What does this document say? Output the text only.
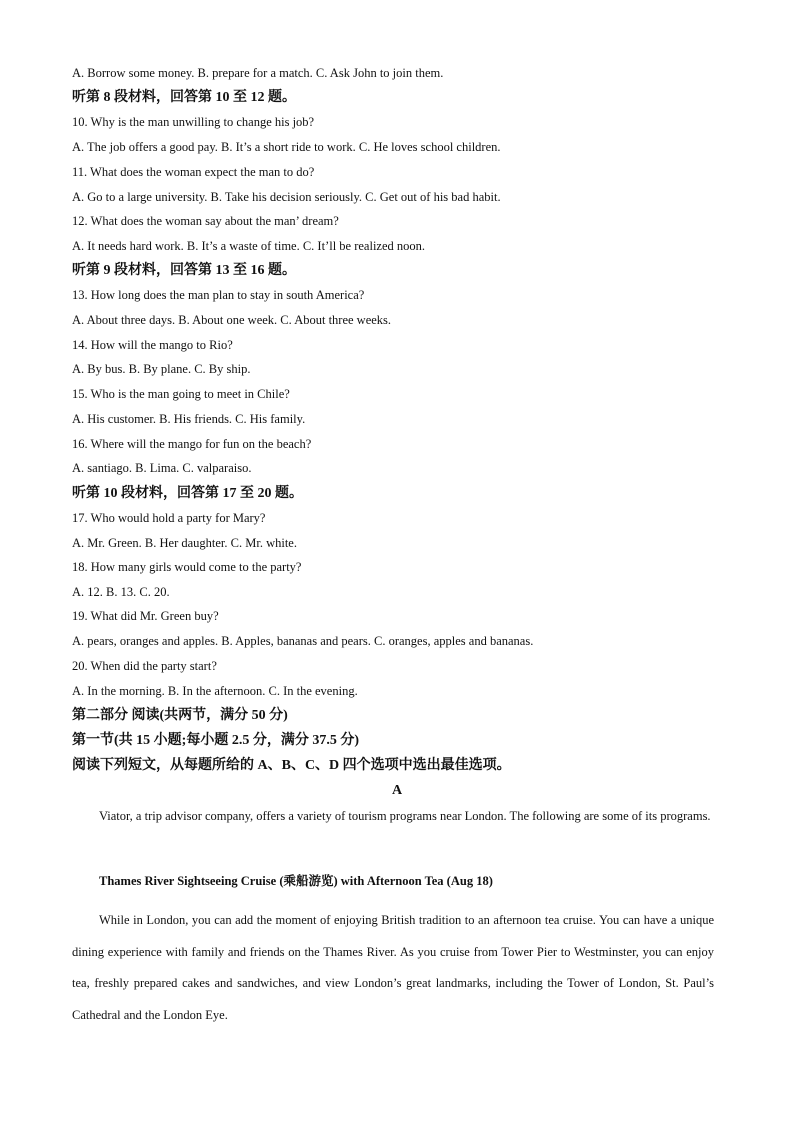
A. Borrow some money. B. prepare for a match. C. Ask John to join them.
听第 8 段材料，回答第 10 至 12 题。
10. Why is the man unwilling to change his job?
A. The job offers a good pay. B. It’s a short ride to work. C. He loves school children.
11. What does the woman expect the man to do?
A. Go to a large university. B. Take his decision seriously. C. Get out of his bad habit.
12. What does the woman say about the man’ dream?
A. It needs hard work. B. It’s a waste of time. C. It’ll be realized noon.
听第 9 段材料，回答第 13 至 16 题。
13. How long does the man plan to stay in south America?
A. About three days. B. About one week. C. About three weeks.
14. How will the mango to Rio?
A. By bus. B. By plane. C. By ship.
15. Who is the man going to meet in Chile?
A. His customer. B. His friends. C. His family.
16. Where will the mango for fun on the beach?
A. santiago. B. Lima. C. valparaiso.
听第 10 段材料，回答第 17 至 20 题。
17. Who would hold a party for Mary?
A. Mr. Green. B. Her daughter. C. Mr. white.
18. How many girls would come to the party?
A. 12. B. 13. C. 20.
19. What did Mr. Green buy?
A. pears, oranges and apples. B. Apples, bananas and pears. C. oranges, apples and bananas.
20. When did the party start?
A. In the morning. B. In the afternoon. C. In the evening.
第二部分 阅读(共两节，满分 50 分)
第一节(共 15 小题;每小题 2.5 分，满分 37.5 分)
阅读下列短文，从每题所给的 A、B、C、D 四个选项中选出最佳选项。
A
Viator, a trip advisor company, offers a variety of tourism programs near London. The following are some of its programs.
Thames River Sightseeing Cruise (乘船游览) with Afternoon Tea (Aug 18)
While in London, you can add the moment of enjoying British tradition to an afternoon tea cruise. You can have a unique dining experience with family and friends on the Thames River. As you cruise from Tower Pier to Westminster, you can enjoy tea, freshly prepared cakes and sandwiches, and view London’s great landmarks, including the Tower of London, St. Paul’s Cathedral and the London Eye.
